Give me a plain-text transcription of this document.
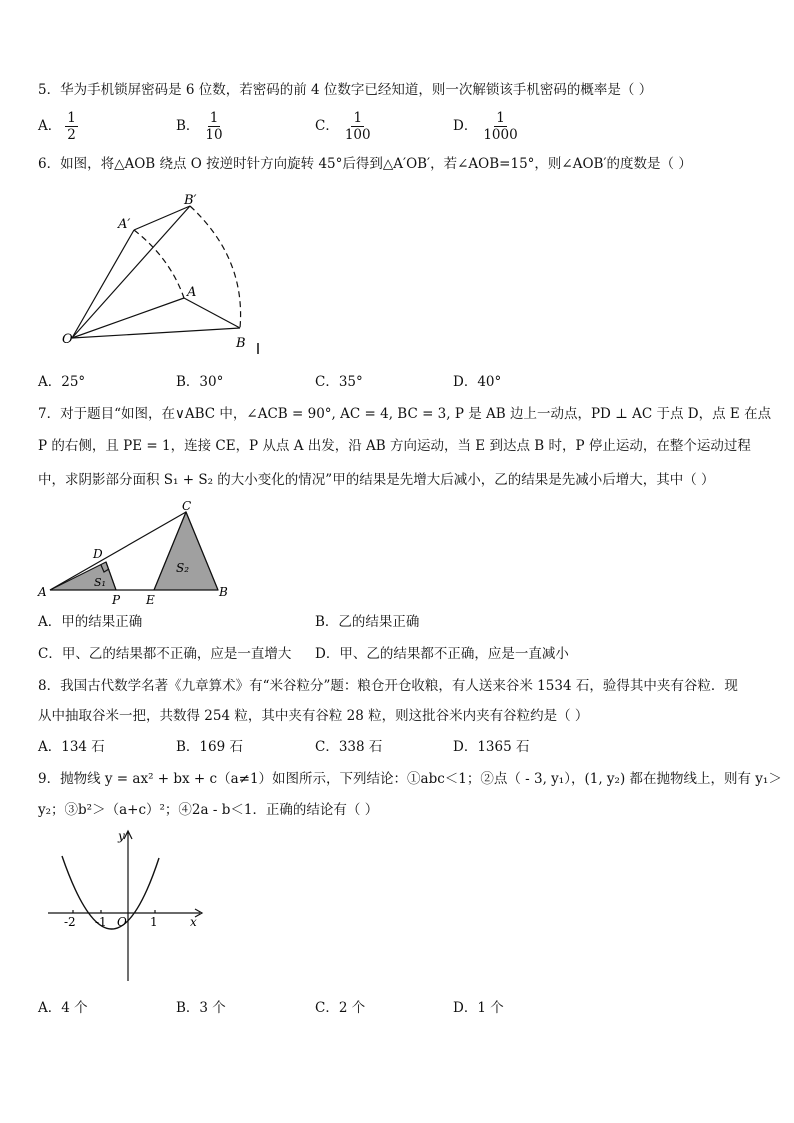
5．华为手机锁屏密码是 6 位数，若密码的前 4 位数字已经知道，则一次解锁该手机密码的概率是（ ）
A． $\frac{1}{2}$	B． $\frac{1}{10}$	C． $\frac{1}{100}$	D． $\frac{1}{1000}$
6．如图，将△AOB 绕点 O 按逆时针方向旋转 45°后得到△A′OB′，若∠AOB=15°，则∠AOB′的度数是（ ）
A′
B′
A
O	B
A．25°	B．30°	C．35°	D．40°
7．对于题目“如图，在∨ABC 中，∠ACB = 90°, AC = 4, BC = 3, P 是 AB 边上一动点，PD ⊥ AC 于点 D，点 E 在点
P 的右侧，且 PE = 1，连接 CE，P 从点 A 出发，沿 AB 方向运动，当 E 到达点 B 时，P 停止运动，在整个运动过程
中，求阴影部分面积 S₁ + S₂ 的大小变化的情况”甲的结果是先增大后减小，乙的结果是先减小后增大，其中（ ）
C
D
S₁
S₂
A
P E
B
A．甲的结果正确	B．乙的结果正确
C．甲、乙的结果都不正确，应是一直增大 D．甲、乙的结果都不正确，应是一直减小
8．我国古代数学名著《九章算术》有“米谷粒分”题：粮仓开仓收粮，有人送来谷米 1534 石，验得其中夹有谷粒．现
从中抽取谷米一把，共数得 254 粒，其中夹有谷粒 28 粒，则这批谷米内夹有谷粒约是（ ）
A．134 石	B．169 石	C．338 石	D．1365 石
9．抛物线 y = ax² + bx + c（a≠1）如图所示，下列结论：①abc＜1；②点（ - 3, y₁），(1, y₂) 都在抛物线上，则有 y₁＞
y₂；③b²＞（a+c）²；④2a - b＜1．正确的结论有（ ）
y
x
O
-2 -1	1
A．4 个	B．3 个	C．2 个	D．1 个
